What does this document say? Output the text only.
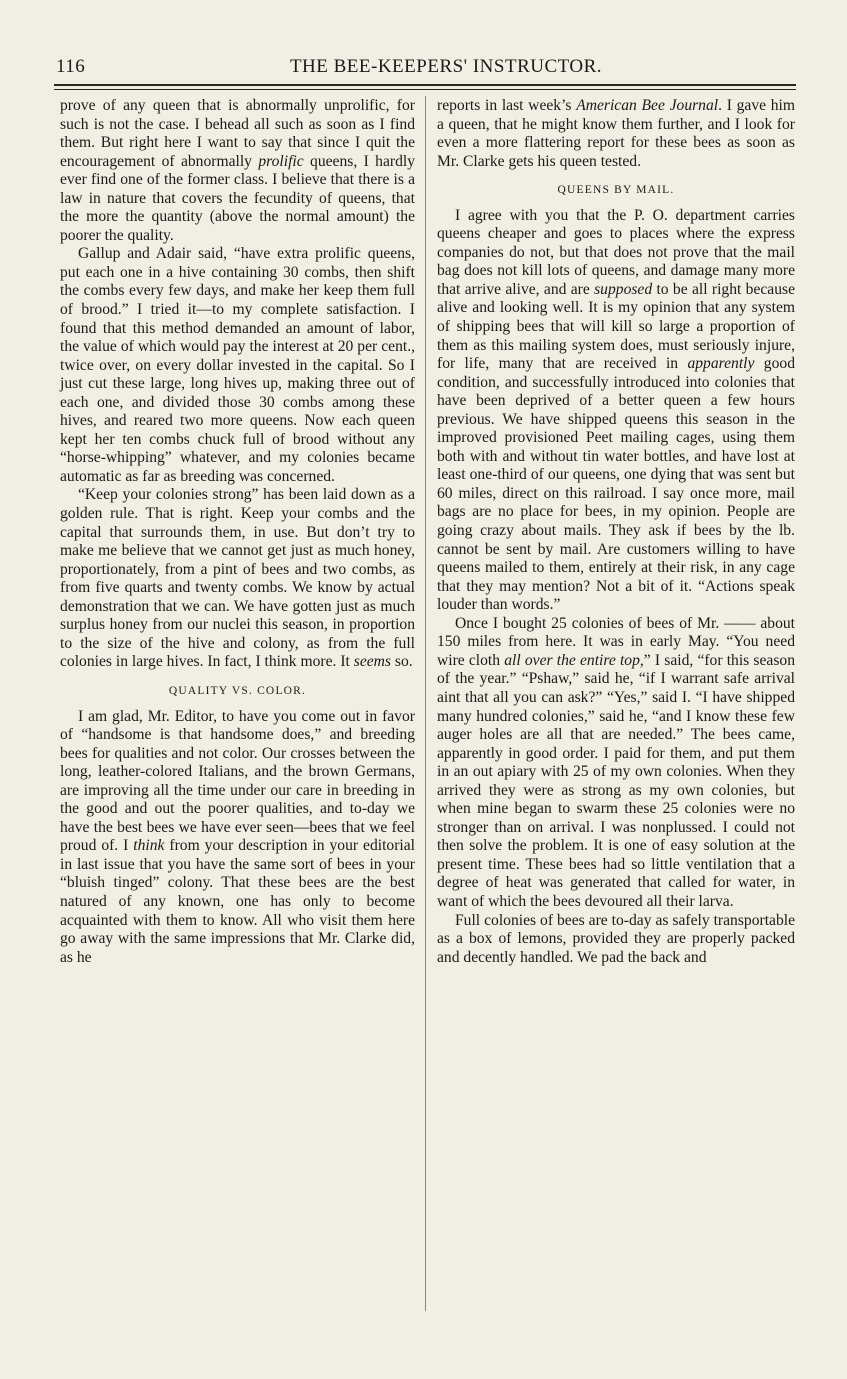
116	THE BEE-KEEPERS' INSTRUCTOR.

prove of any queen that is abnormally unprolific, for such is not the case. I behead all such as soon as I find them. But right here I want to say that since I quit the encouragement of abnormally prolific queens, I hardly ever find one of the former class. I believe that there is a law in nature that covers the fecundity of queens, that the more the quantity (above the normal amount) the poorer the quality.

Gallup and Adair said, “have extra prolific queens, put each one in a hive containing 30 combs, then shift the combs every few days, and make her keep them full of brood.” I tried it—to my complete satisfaction. I found that this method demanded an amount of labor, the value of which would pay the interest at 20 per cent., twice over, on every dollar invested in the capital. So I just cut these large, long hives up, making three out of each one, and divided those 30 combs among these hives, and reared two more queens. Now each queen kept her ten combs chuck full of brood without any “horse-whipping” whatever, and my colonies became automatic as far as breeding was concerned.

“Keep your colonies strong” has been laid down as a golden rule. That is right. Keep your combs and the capital that surrounds them, in use. But don’t try to make me believe that we cannot get just as much honey, proportionately, from a pint of bees and two combs, as from five quarts and twenty combs. We know by actual demonstration that we can. We have gotten just as much surplus honey from our nuclei this season, in proportion to the size of the hive and colony, as from the full colonies in large hives. In fact, I think more. It seems so.

QUALITY VS. COLOR.

I am glad, Mr. Editor, to have you come out in favor of “handsome is that handsome does,” and breeding bees for qualities and not color. Our crosses between the long, leather-colored Italians, and the brown Germans, are improving all the time under our care in breeding in the good and out the poorer qualities, and to-day we have the best bees we have ever seen—bees that we feel proud of. I think from your description in your editorial in last issue that you have the same sort of bees in your “bluish tinged” colony. That these bees are the best natured of any known, one has only to become acquainted with them to know. All who visit them here go away with the same impressions that Mr. Clarke did, as he

reports in last week’s American Bee Journal. I gave him a queen, that he might know them further, and I look for even a more flattering report for these bees as soon as Mr. Clarke gets his queen tested.

QUEENS BY MAIL.

I agree with you that the P. O. department carries queens cheaper and goes to places where the express companies do not, but that does not prove that the mail bag does not kill lots of queens, and damage many more that arrive alive, and are supposed to be all right because alive and looking well. It is my opinion that any system of shipping bees that will kill so large a proportion of them as this mailing system does, must seriously injure, for life, many that are received in apparently good condition, and successfully introduced into colonies that have been deprived of a better queen a few hours previous. We have shipped queens this season in the improved provisioned Peet mailing cages, using them both with and without tin water bottles, and have lost at least one-third of our queens, one dying that was sent but 60 miles, direct on this railroad. I say once more, mail bags are no place for bees, in my opinion. People are going crazy about mails. They ask if bees by the lb. cannot be sent by mail. Are customers willing to have queens mailed to them, entirely at their risk, in any cage that they may mention? Not a bit of it. “Actions speak louder than words.”

Once I bought 25 colonies of bees of Mr. —— about 150 miles from here. It was in early May. “You need wire cloth all over the entire top,” I said, “for this season of the year.” “Pshaw,” said he, “if I warrant safe arrival aint that all you can ask?” “Yes,” said I. “I have shipped many hundred colonies,” said he, “and I know these few auger holes are all that are needed.” The bees came, apparently in good order. I paid for them, and put them in an out apiary with 25 of my own colonies. When they arrived they were as strong as my own colonies, but when mine began to swarm these 25 colonies were no stronger than on arrival. I was nonplussed. I could not then solve the problem. It is one of easy solution at the present time. These bees had so little ventilation that a degree of heat was generated that called for water, in want of which the bees devoured all their larva.

Full colonies of bees are to-day as safely transportable as a box of lemons, provided they are properly packed and decently handled. We pad the back and
